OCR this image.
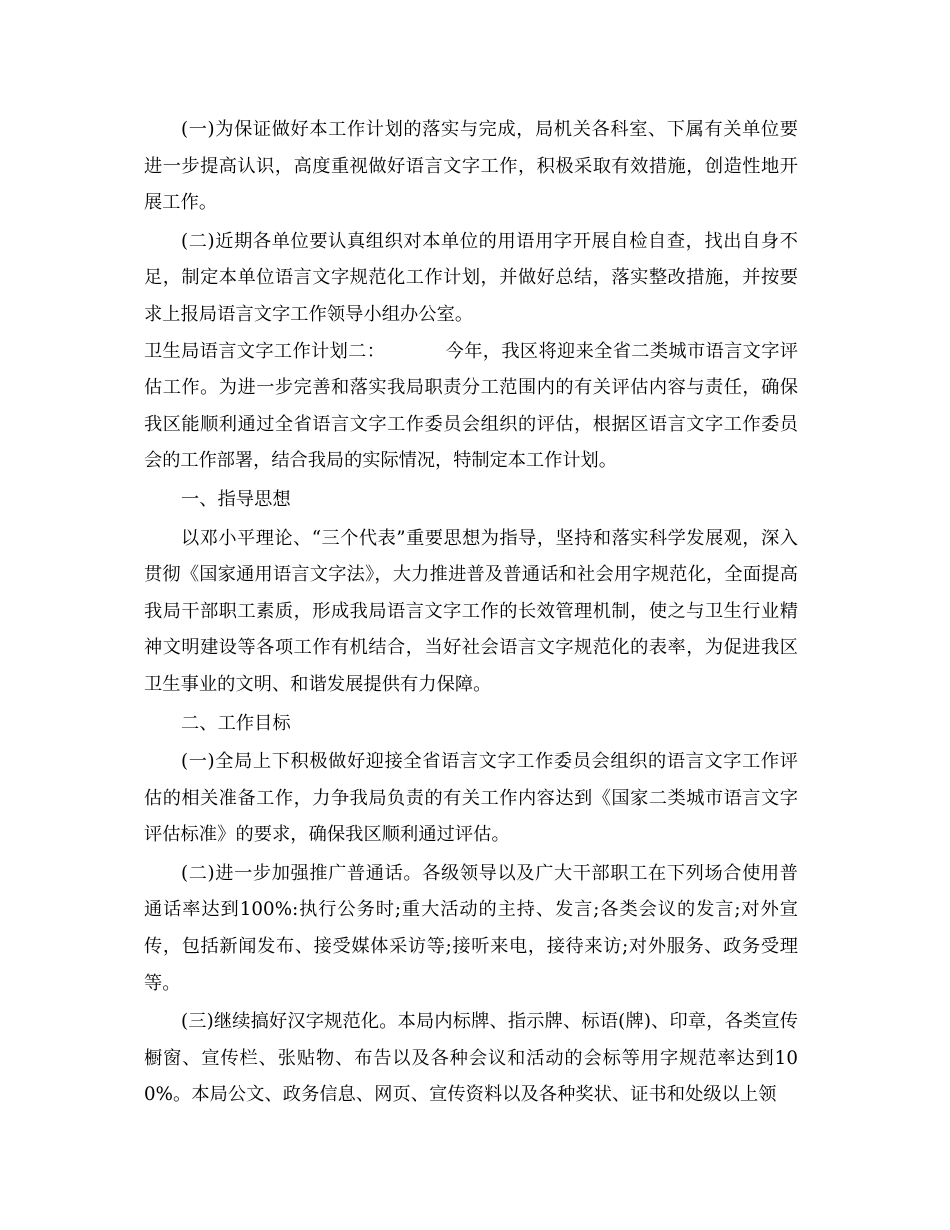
(一)为保证做好本工作计划的落实与完成，局机关各科室、下属有关单位要进一步提高认识，高度重视做好语言文字工作，积极采取有效措施，创造性地开展工作。

(二)近期各单位要认真组织对本单位的用语用字开展自检自查，找出自身不足，制定本单位语言文字规范化工作计划，并做好总结，落实整改措施，并按要求上报局语言文字工作领导小组办公室。

卫生局语言文字工作计划二：	今年，我区将迎来全省二类城市语言文字评估工作。为进一步完善和落实我局职责分工范围内的有关评估内容与责任，确保我区能顺利通过全省语言文字工作委员会组织的评估，根据区语言文字工作委员会的工作部署，结合我局的实际情况，特制定本工作计划。

一、指导思想

以邓小平理论、“三个代表”重要思想为指导，坚持和落实科学发展观，深入贯彻《国家通用语言文字法》，大力推进普及普通话和社会用字规范化，全面提高我局干部职工素质，形成我局语言文字工作的长效管理机制，使之与卫生行业精神文明建设等各项工作有机结合，当好社会语言文字规范化的表率，为促进我区卫生事业的文明、和谐发展提供有力保障。

二、工作目标

(一)全局上下积极做好迎接全省语言文字工作委员会组织的语言文字工作评估的相关准备工作，力争我局负责的有关工作内容达到《国家二类城市语言文字评估标准》的要求，确保我区顺利通过评估。

(二)进一步加强推广普通话。各级领导以及广大干部职工在下列场合使用普通话率达到100%:执行公务时;重大活动的主持、发言;各类会议的发言;对外宣传，包括新闻发布、接受媒体采访等;接听来电，接待来访;对外服务、政务受理等。

(三)继续搞好汉字规范化。本局内标牌、指示牌、标语(牌)、印章，各类宣传橱窗、宣传栏、张贴物、布告以及各种会议和活动的会标等用字规范率达到100%。本局公文、政务信息、网页、宣传资料以及各种奖状、证书和处级以上领
